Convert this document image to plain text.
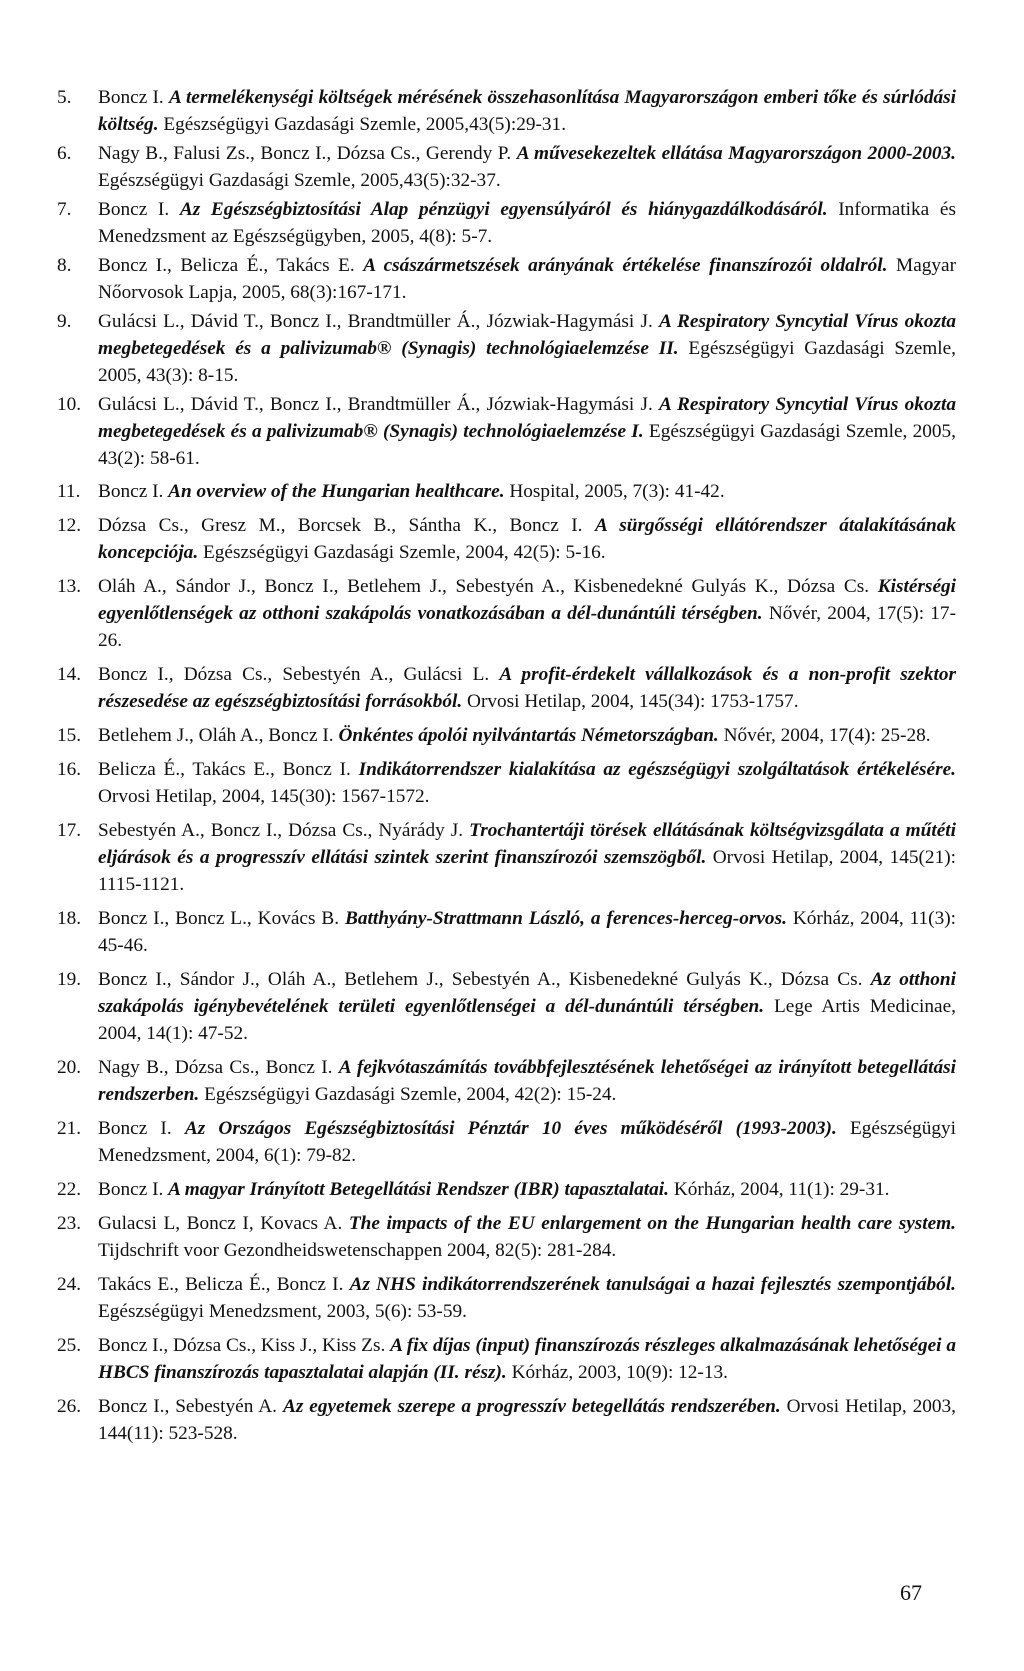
5.	Boncz I. A termelékenységi költségek mérésének összehasonlítása Magyarországon emberi tőke és súrlódási költség. Egészségügyi Gazdasági Szemle, 2005,43(5):29-31.
6.	Nagy B., Falusi Zs., Boncz I., Dózsa Cs., Gerendy P. A művesekezeltek ellátása Magyarországon 2000-2003. Egészségügyi Gazdasági Szemle, 2005,43(5):32-37.
7.	Boncz I. Az Egészségbiztosítási Alap pénzügyi egyensúlyáról és hiánygazdálkodásáról. Informatika és Menedzsment az Egészségügyben, 2005, 4(8): 5-7.
8.	Boncz I., Belicza É., Takács E. A császármetszések arányának értékelése finanszírozói oldalról. Magyar Nőorvosok Lapja, 2005, 68(3):167-171.
9.	Gulácsi L., Dávid T., Boncz I., Brandtmüller Á., Józwiak-Hagymási J. A Respiratory Syncytial Vírus okozta megbetegedések és a palivizumab® (Synagis) technológiaelemzése II. Egészségügyi Gazdasági Szemle, 2005, 43(3): 8-15.
10. Gulácsi L., Dávid T., Boncz I., Brandtmüller Á., Józwiak-Hagymási J. A Respiratory Syncytial Vírus okozta megbetegedések és a palivizumab® (Synagis) technológiaelemzése I. Egészségügyi Gazdasági Szemle, 2005, 43(2): 58-61.
11. Boncz I. An overview of the Hungarian healthcare. Hospital, 2005, 7(3): 41-42.
12. Dózsa Cs., Gresz M., Borcsek B., Sántha K., Boncz I. A sürgősségi ellátórendszer átalakításának koncepciója. Egészségügyi Gazdasági Szemle, 2004, 42(5): 5-16.
13. Oláh A., Sándor J., Boncz I., Betlehem J., Sebestyén A., Kisbenedekné Gulyás K., Dózsa Cs. Kistérségi egyenlőtlenségek az otthoni szakápolás vonatkozásában a dél-dunántúli térségben. Nővér, 2004, 17(5): 17-26.
14. Boncz I., Dózsa Cs., Sebestyén A., Gulácsi L. A profit-érdekelt vállalkozások és a non-profit szektor részesedése az egészségbiztosítási forrásokból. Orvosi Hetilap, 2004, 145(34): 1753-1757.
15. Betlehem J., Oláh A., Boncz I. Önkéntes ápolói nyilvántartás Németországban. Nővér, 2004, 17(4): 25-28.
16. Belicza É., Takács E., Boncz I. Indikátorrendszer kialakítása az egészségügyi szolgáltatások értékelésére. Orvosi Hetilap, 2004, 145(30): 1567-1572.
17. Sebestyén A., Boncz I., Dózsa Cs., Nyárády J. Trochantertáji törések ellátásának költségvizsgálata a műtéti eljárások és a progresszív ellátási szintek szerint finanszírozói szemszögből. Orvosi Hetilap, 2004, 145(21): 1115-1121.
18. Boncz I., Boncz L., Kovács B. Batthyány-Strattmann László, a ferences-herceg-orvos. Kórház, 2004, 11(3): 45-46.
19. Boncz I., Sándor J., Oláh A., Betlehem J., Sebestyén A., Kisbenedekné Gulyás K., Dózsa Cs. Az otthoni szakápolás igénybevételének területi egyenlőtlenségei a dél-dunántúli térségben. Lege Artis Medicinae, 2004, 14(1): 47-52.
20. Nagy B., Dózsa Cs., Boncz I. A fejkvótaszámítás továbbfejlesztésének lehetőségei az irányított betegellátási rendszerben. Egészségügyi Gazdasági Szemle, 2004, 42(2): 15-24.
21. Boncz I. Az Országos Egészségbiztosítási Pénztár 10 éves működéséről (1993-2003). Egészségügyi Menedzsment, 2004, 6(1): 79-82.
22. Boncz I. A magyar Irányított Betegellátási Rendszer (IBR) tapasztalatai. Kórház, 2004, 11(1): 29-31.
23. Gulacsi L, Boncz I, Kovacs A. The impacts of the EU enlargement on the Hungarian health care system. Tijdschrift voor Gezondheidswetenschappen 2004, 82(5): 281-284.
24. Takács E., Belicza É., Boncz I. Az NHS indikátorrendszerének tanulságai a hazai fejlesztés szempontjából. Egészségügyi Menedzsment, 2003, 5(6): 53-59.
25. Boncz I., Dózsa Cs., Kiss J., Kiss Zs. A fix díjas (input) finanszírozás részleges alkalmazásának lehetőségei a HBCS finanszírozás tapasztalatai alapján (II. rész). Kórház, 2003, 10(9): 12-13.
26. Boncz I., Sebestyén A. Az egyetemek szerepe a progresszív betegellátás rendszerében. Orvosi Hetilap, 2003, 144(11): 523-528.
67
